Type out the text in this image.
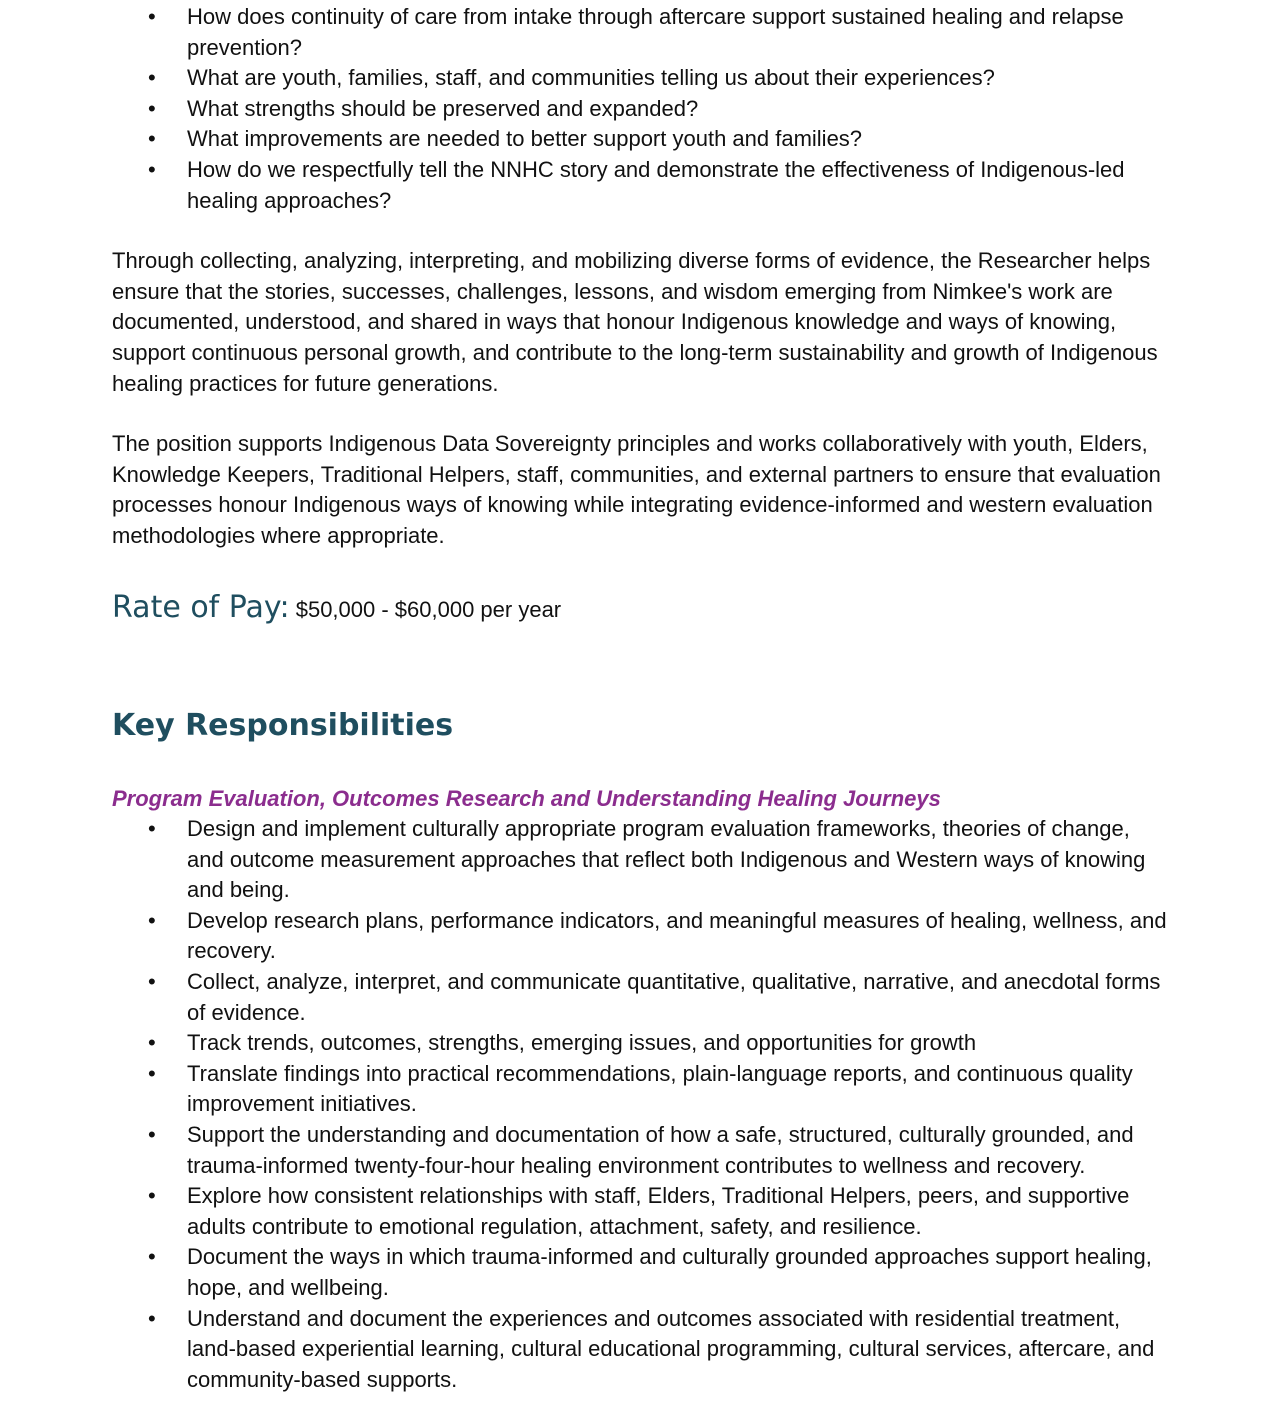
• How does continuity of care from intake through aftercare support sustained healing and relapse prevention?
• What are youth, families, staff, and communities telling us about their experiences?
• What strengths should be preserved and expanded?
• What improvements are needed to better support youth and families?
• How do we respectfully tell the NNHC story and demonstrate the effectiveness of Indigenous-led healing approaches?

Through collecting, analyzing, interpreting, and mobilizing diverse forms of evidence, the Researcher helps ensure that the stories, successes, challenges, lessons, and wisdom emerging from Nimkee's work are documented, understood, and shared in ways that honour Indigenous knowledge and ways of knowing, support continuous personal growth, and contribute to the long-term sustainability and growth of Indigenous healing practices for future generations.

The position supports Indigenous Data Sovereignty principles and works collaboratively with youth, Elders, Knowledge Keepers, Traditional Helpers, staff, communities, and external partners to ensure that evaluation processes honour Indigenous ways of knowing while integrating evidence-informed and western evaluation methodologies where appropriate.

Rate of Pay: $50,000 - $60,000 per year

Key Responsibilities

Program Evaluation, Outcomes Research and Understanding Healing Journeys

• Design and implement culturally appropriate program evaluation frameworks, theories of change, and outcome measurement approaches that reflect both Indigenous and Western ways of knowing and being.
• Develop research plans, performance indicators, and meaningful measures of healing, wellness, and recovery.
• Collect, analyze, interpret, and communicate quantitative, qualitative, narrative, and anecdotal forms of evidence.
• Track trends, outcomes, strengths, emerging issues, and opportunities for growth
• Translate findings into practical recommendations, plain-language reports, and continuous quality improvement initiatives.
• Support the understanding and documentation of how a safe, structured, culturally grounded, and trauma-informed twenty-four-hour healing environment contributes to wellness and recovery.
• Explore how consistent relationships with staff, Elders, Traditional Helpers, peers, and supportive adults contribute to emotional regulation, attachment, safety, and resilience.
• Document the ways in which trauma-informed and culturally grounded approaches support healing, hope, and wellbeing.
• Understand and document the experiences and outcomes associated with residential treatment, land-based experiential learning, cultural educational programming, cultural services, aftercare, and community-based supports.
